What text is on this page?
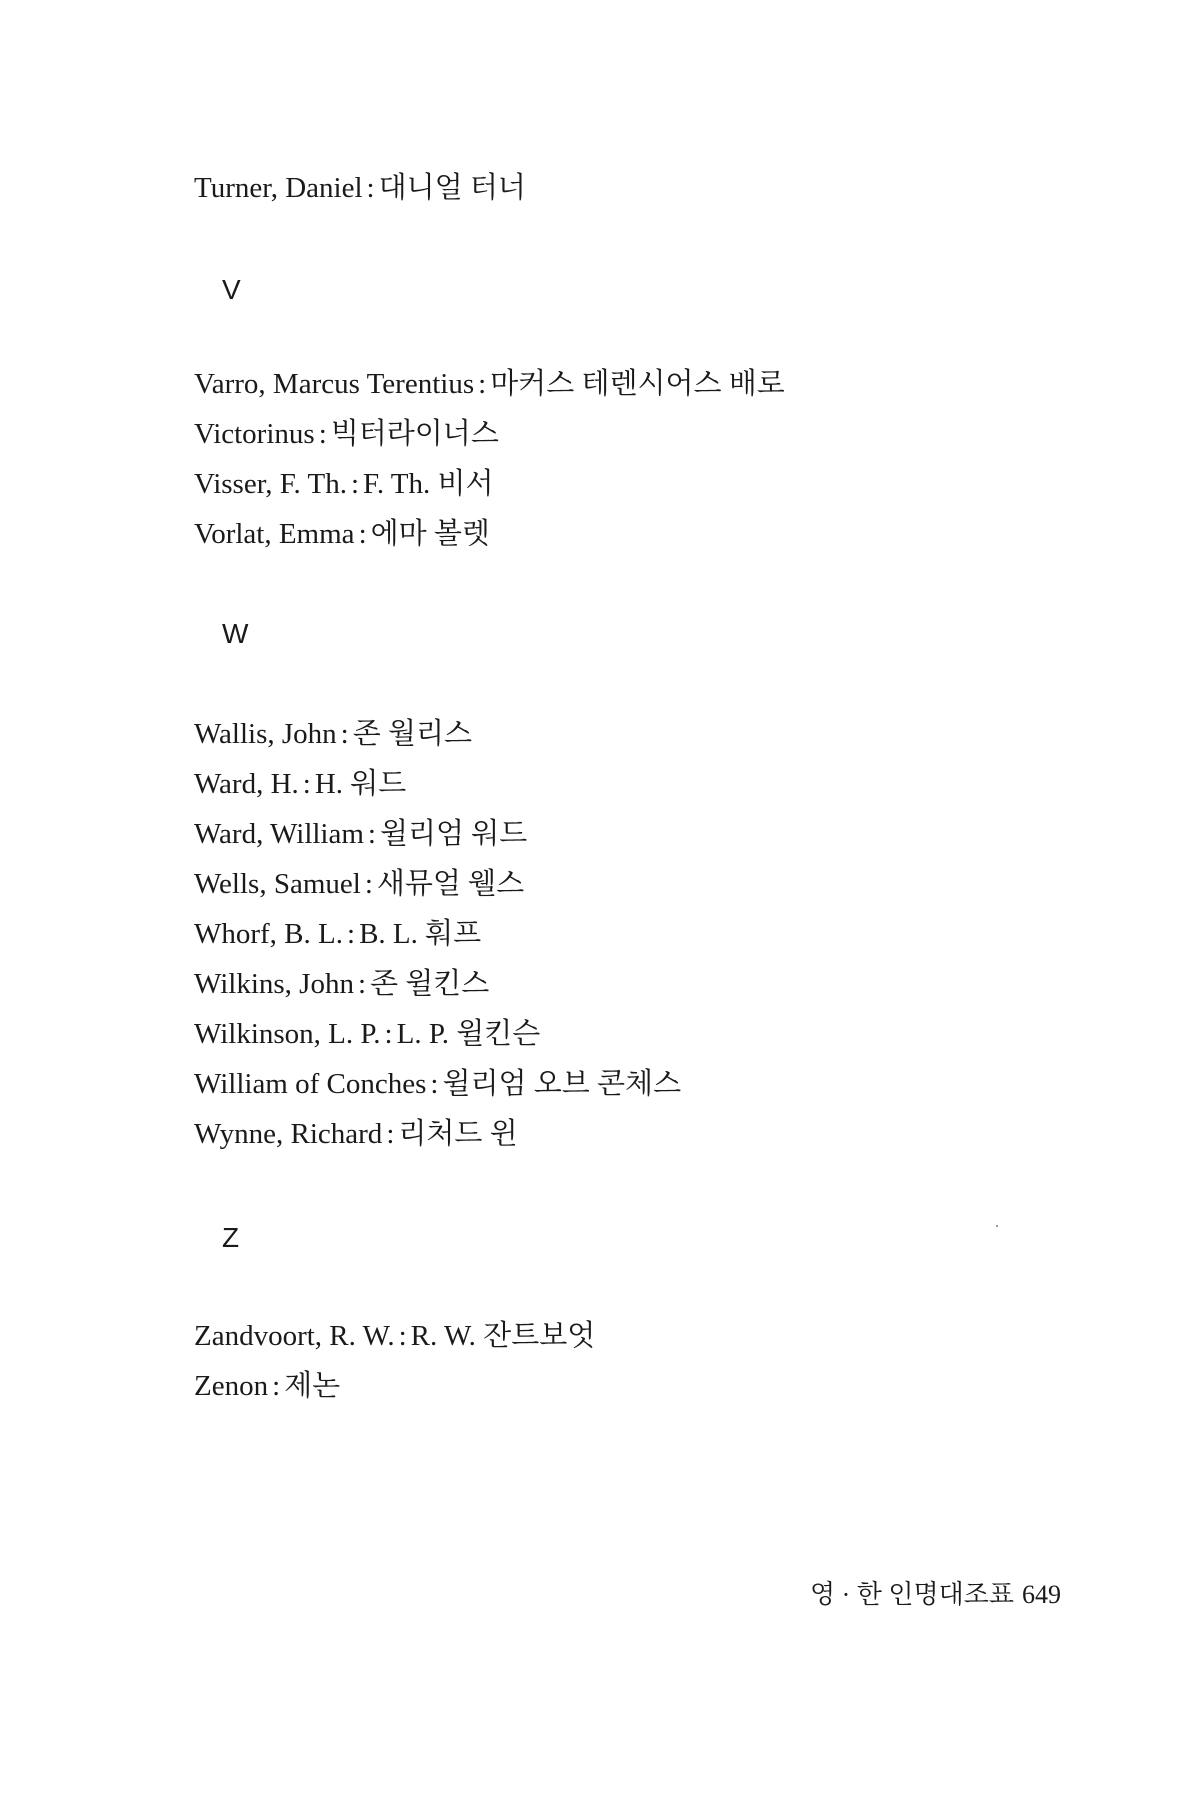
Turner, Daniel : 대니얼 터너
V
Varro, Marcus Terentius : 마커스 테렌시어스 배로
Victorinus : 빅터라이너스
Visser, F. Th. : F. Th. 비서
Vorlat, Emma : 에마 볼렛
W
Wallis, John : 존 월리스
Ward, H. : H. 워드
Ward, William : 윌리엄 워드
Wells, Samuel : 새뮤얼 웰스
Whorf, B. L. : B. L. 훠프
Wilkins, John : 존 윌킨스
Wilkinson, L. P. : L. P. 윌킨슨
William of Conches : 윌리엄 오브 콘체스
Wynne, Richard : 리처드 윈
Z
Zandvoort, R. W. : R. W. 잔트보엇
Zenon : 제논
영 · 한 인명대조표 649
